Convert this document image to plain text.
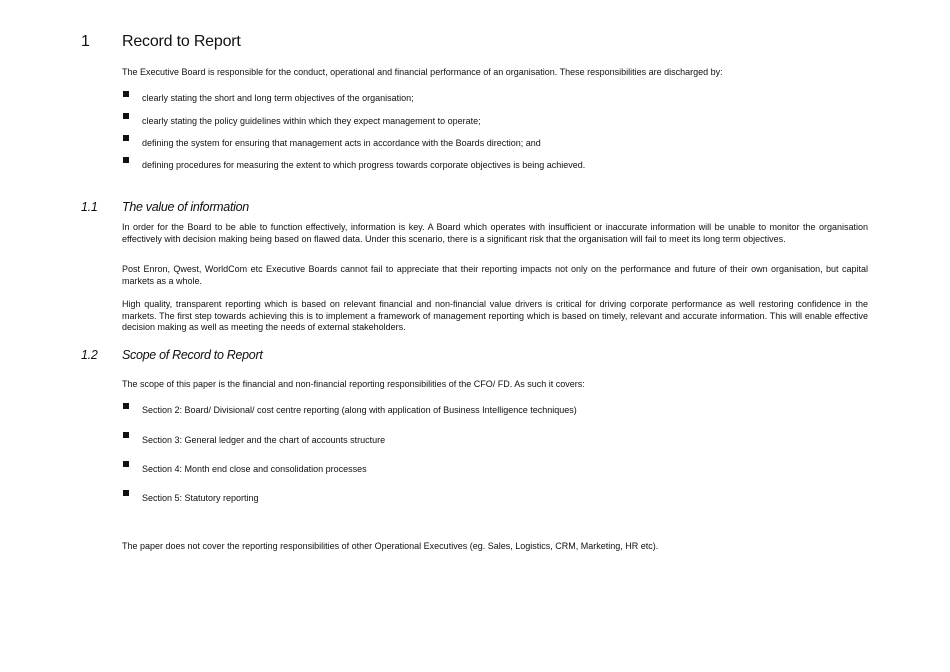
1 Record to Report
The Executive Board is responsible for the conduct, operational and financial performance of an organisation. These responsibilities are discharged by:
clearly stating the short and long term objectives of the organisation;
clearly stating the policy guidelines within which they expect management to operate;
defining the system for ensuring that management acts in accordance with the Boards direction; and
defining procedures for measuring the extent to which progress towards corporate objectives is being achieved.
1.1 The value of information
In order for the Board to be able to function effectively, information is key. A Board which operates with insufficient or inaccurate information will be unable to monitor the organisation effectively with decision making being based on flawed data. Under this scenario, there is a significant risk that the organisation will fail to meet its long term objectives.
Post Enron, Qwest, WorldCom etc Executive Boards cannot fail to appreciate that their reporting impacts not only on the performance and future of their own organisation, but capital markets as a whole.
High quality, transparent reporting which is based on relevant financial and non-financial value drivers is critical for driving corporate performance as well restoring confidence in the markets. The first step towards achieving this is to implement a framework of management reporting which is based on timely, relevant and accurate information. This will enable effective decision making as well as meeting the needs of external stakeholders.
1.2 Scope of Record to Report
The scope of this paper is the financial and non-financial reporting responsibilities of the CFO/ FD. As such it covers:
Section 2: Board/ Divisional/ cost centre reporting (along with application of Business Intelligence techniques)
Section 3: General ledger and the chart of accounts structure
Section 4: Month end close and consolidation processes
Section 5: Statutory reporting
The paper does not cover the reporting responsibilities of other Operational Executives (eg. Sales, Logistics, CRM, Marketing, HR etc).
